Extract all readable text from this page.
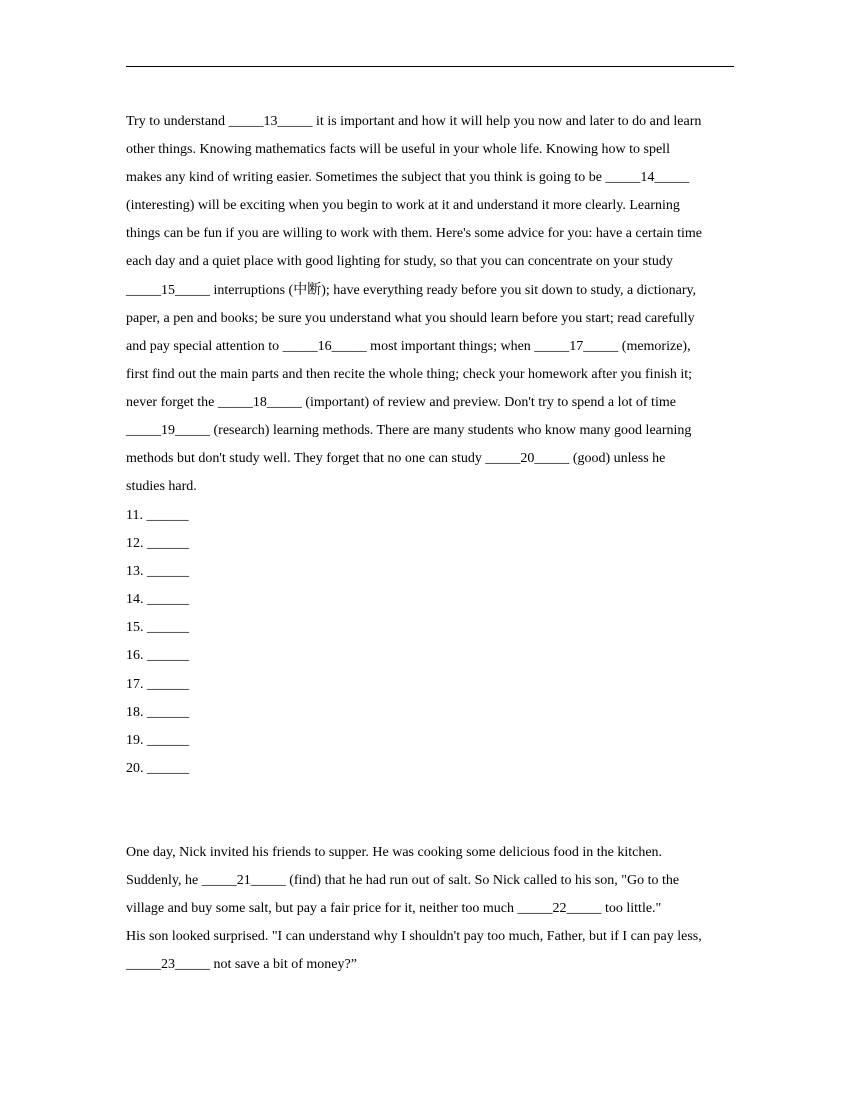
Try to understand _____13_____ it is important and how it will help you now and later to do and learn
other things. Knowing mathematics facts will be useful in your whole life. Knowing how to spell
makes any kind of writing easier. Sometimes the subject that you think is going to be _____14_____
(interesting) will be exciting when you begin to work at it and understand it more clearly. Learning
things can be fun if you are willing to work with them. Here's some advice for you: have a certain time
each day and a quiet place with good lighting for study, so that you can concentrate on your study
_____15_____ interruptions (中断); have everything ready before you sit down to study, a dictionary,
paper, a pen and books; be sure you understand what you should learn before you start; read carefully
and pay special attention to _____16_____ most important things; when _____17_____ (memorize),
first find out the main parts and then recite the whole thing; check your homework after you finish it;
never forget the _____18_____ (important) of review and preview. Don't try to spend a lot of time
_____19_____ (research) learning methods. There are many students who know many good learning
methods but don't study well. They forget that no one can study _____20_____ (good) unless he
studies hard.
11. ______
12. ______
13. ______
14. ______
15. ______
16. ______
17. ______
18. ______
19. ______
20. ______
One day, Nick invited his friends to supper. He was cooking some delicious food in the kitchen.
Suddenly, he _____21_____ (find) that he had run out of salt. So Nick called to his son, "Go to the
village and buy some salt, but pay a fair price for it, neither too much _____22_____ too little."
His son looked surprised. "I can understand why I shouldn't pay too much, Father, but if I can pay less,
_____23_____ not save a bit of money?”
